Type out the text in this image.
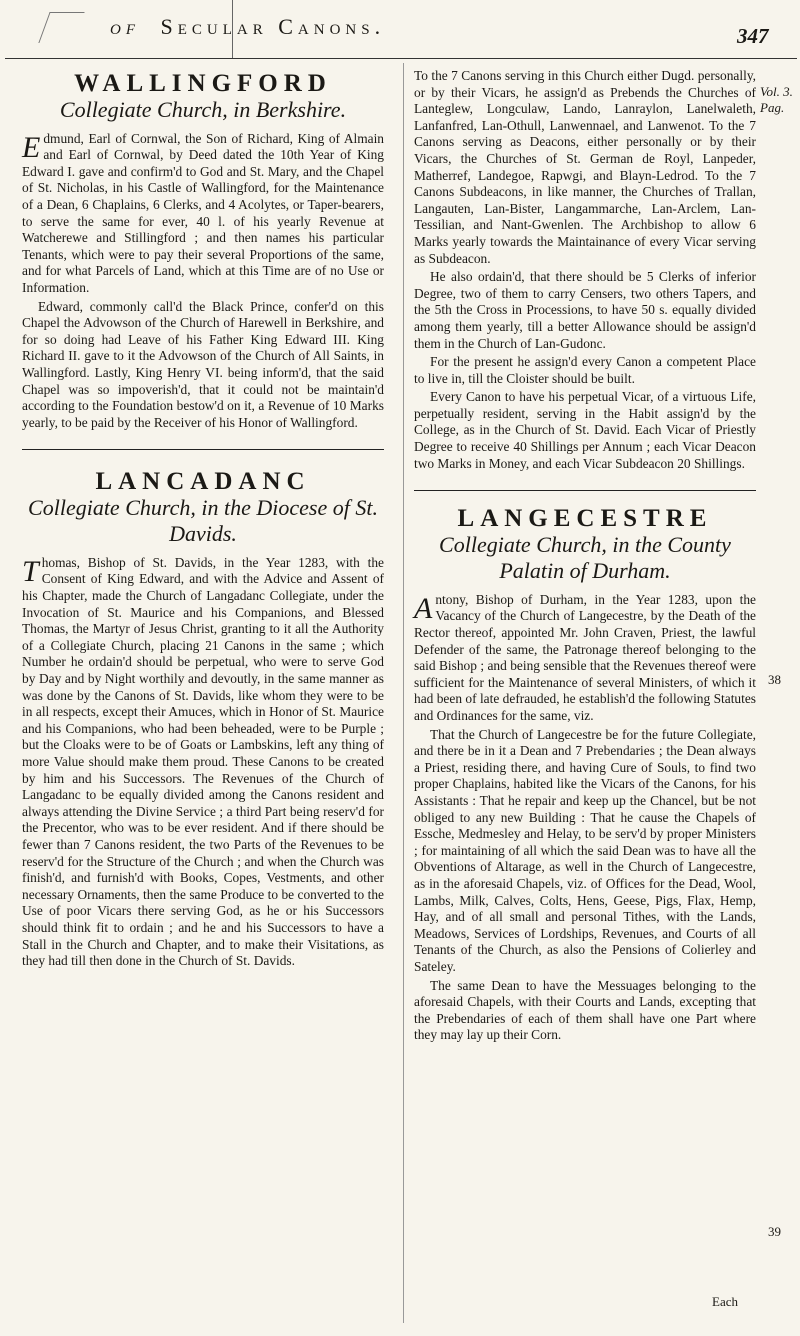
of Secular Canons.	347
WALLINGFORD
Collegiate Church, in Berkshire.

Edmund, Earl of Cornwal, the Son of Richard, King of Almain and Earl of Cornwal, by Deed dated the 10th Year of King Edward I. gave and confirm'd to God and St. Mary, and the Chapel of St. Nicholas, in his Castle of Wallingford, for the Maintenance of a Dean, 6 Chaplains, 6 Clerks, and 4 Acolytes, or Taper-bearers, to serve the same for ever, 40 l. of his yearly Revenue at Watcherewe and Stillingford ; and then names his particular Tenants, which were to pay their several Proportions of the same, and for what Parcels of Land, which at this Time are of no Use or Information.

Edward, commonly call'd the Black Prince, confer'd on this Chapel the Advowson of the Church of Harewell in Berkshire, and for so doing had Leave of his Father King Edward III. King Richard II. gave to it the Advowson of the Church of All Saints, in Wallingford. Lastly, King Henry VI. being inform'd, that the said Chapel was so impoverish'd, that it could not be maintain'd according to the Foundation bestow'd on it, a Revenue of 10 Marks yearly, to be paid by the Receiver of his Honor of Wallingford.

LANCADANC
Collegiate Church, in the Diocese of St. Davids.

Thomas, Bishop of St. Davids, in the Year 1283, with the Consent of King Edward, and with the Advice and Assent of his Chapter, made the Church of Langadanc Collegiate, under the Invocation of St. Maurice and his Companions, and Blessed Thomas, the Martyr of Jesus Christ, granting to it all the Authority of a Collegiate Church, placing 21 Canons in the same ; which Number he ordain'd should be perpetual, who were to serve God by Day and by Night worthily and devoutly, in the same manner as was done by the Canons of St. Davids, like whom they were to be in all respects, except their Amuces, which in Honor of St. Maurice and his Companions, who had been beheaded, were to be Purple ; but the Cloaks were to be of Goats or Lambskins, left any thing of more Value should make them proud. These Canons to be created by him and his Successors. The Revenues of the Church of Langadanc to be equally divided among the Canons resident and always attending the Divine Service ; a third Part being reserv'd for the Precentor, who was to be ever resident. And if there should be fewer than 7 Canons resident, the two Parts of the Revenues to be reserv'd for the Structure of the Church ; and when the Church was finish'd, and furnish'd with Books, Copes, Vestments, and other necessary Ornaments, then the same Produce to be converted to the Use of poor Vicars there serving God, as he or his Successors should think fit to ordain ; and he and his Successors to have a Stall in the Church and Chapter, and to make their Visitations, as they had till then done in the Church of St. Davids.

To the 7 Canons serving in this Church either Dugd. personally, or by their Vicars, he assign'd as Prebends the Churches of Lanteglew, Longculaw, Lando, Lanraylon, Lanelwaleth, Lanfanfred, Lan-Othull, Lanwennael, and Lanwenot. To the 7 Canons serving as Deacons, either personally or by their Vicars, the Churches of St. German de Royl, Lanpeder, Matherref, Landegoe, Rapwgi, and Blayn-Ledrod. To the 7 Canons Subdeacons, in like manner, the Churches of Trallan, Langauten, Lan-Bister, Langammarche, Lan-Arclem, Lan-Tessilian, and Nant-Gwenlen. The Archbishop to allow 6 Marks yearly towards the Maintainance of every Vicar serving as Subdeacon.

He also ordain'd, that there should be 5 Clerks of inferior Degree, two of them to carry Censers, two others Tapers, and the 5th the Cross in Processions, to have 50 s. equally divided among them yearly, till a better Allowance should be assign'd them in the Church of Lan-Gudonc.

For the present he assign'd every Canon a competent Place to live in, till the Cloister should be built.

Every Canon to have his perpetual Vicar, of a virtuous Life, perpetually resident, serving in the Habit assign'd by the College, as in the Church of St. David. Each Vicar of Priestly Degree to receive 40 Shillings per Annum ; each Vicar Deacon two Marks in Money, and each Vicar Subdeacon 20 Shillings.

LANGECESTRE
Collegiate Church, in the County Palatin of Durham.

Antony, Bishop of Durham, in the Year 1283, upon the Vacancy of the Church of Langecestre, by the Death of the Rector thereof, appointed Mr. John Craven, Priest, the lawful Defender of the same, the Patronage thereof belonging to the said Bishop ; and being sensible that the Revenues thereof were sufficient for the Maintenance of several Ministers, of which it had been of late defrauded, he establish'd the following Statutes and Ordinances for the same, viz.

That the Church of Langecestre be for the future Collegiate, and there be in it a Dean and 7 Prebendaries ; the Dean always a Priest, residing there, and having Cure of Souls, to find two proper Chaplains, habited like the Vicars of the Canons, for his Assistants : That he repair and keep up the Chancel, but be not obliged to any new Building : That he cause the Chapels of Essche, Medmesley and Helay, to be serv'd by proper Ministers ; for maintaining of all which the said Dean was to have all the Obventions of Altarage, as well in the Church of Langecestre, as in the aforesaid Chapels, viz. of Offices for the Dead, Wool, Lambs, Milk, Calves, Colts, Hens, Geese, Pigs, Flax, Hemp, Hay, and of all small and personal Tithes, with the Lands, Meadows, Services of Lordships, Revenues, and Courts of all Tenants of the Church, as also the Pensions of Colierley and Sateley.

The same Dean to have the Messuages belonging to the aforesaid Chapels, with their Courts and Lands, excepting that the Prebendaries of each of them shall have one Part where they may lay up their Corn.

Vol. 3. Pag.
38
39
Each
